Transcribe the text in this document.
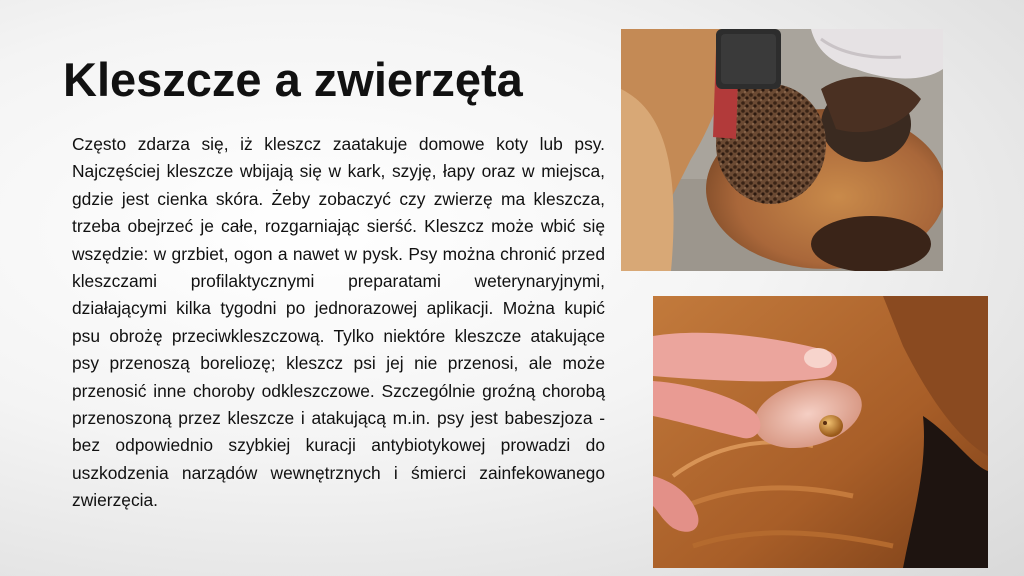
Kleszcze a zwierzęta

Często zdarza się, iż kleszcz zaatakuje domowe koty lub psy. Najczęściej kleszcze wbijają się w kark, szyję, łapy oraz w miejsca, gdzie jest cienka skóra. Żeby zobaczyć czy zwierzę ma kleszcza, trzeba obejrzeć je całe, rozgarniając sierść. Kleszcz może wbić się wszędzie: w grzbiet, ogon a nawet w pysk. Psy można chronić przed kleszczami profilaktycznymi preparatami weterynaryjnymi, działającymi kilka tygodni po jednorazowej aplikacji. Można kupić psu obrożę przeciwkleszczową. Tylko niektóre kleszcze atakujące psy przenoszą boreliozę; kleszcz psi jej nie przenosi, ale może przenosić inne choroby odkleszczowe. Szczególnie groźną chorobą przenoszoną przez kleszcze i atakującą m.in. psy jest babeszjoza - bez odpowiednio szybkiej kuracji antybiotykowej prowadzi do uszkodzenia narządów wewnętrznych i śmierci zainfekowanego zwierzęcia.
